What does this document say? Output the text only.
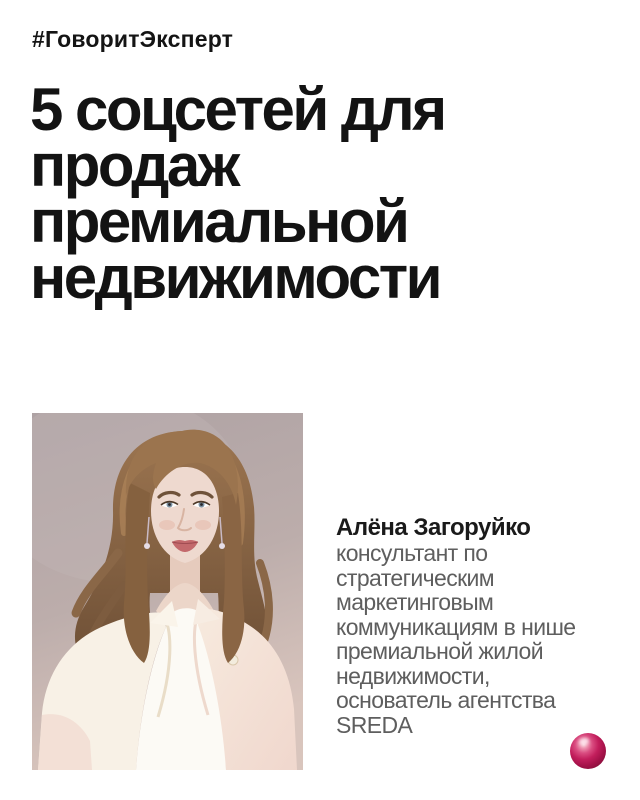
#ГоворитЭксперт
5 соцсетей для
продаж
премиальной
недвижимости
Алёна Загоруйко
консультант по
стратегическим
маркетинговым
коммуникациям в нише
премиальной жилой
недвижимости,
основатель агентства
SREDA
